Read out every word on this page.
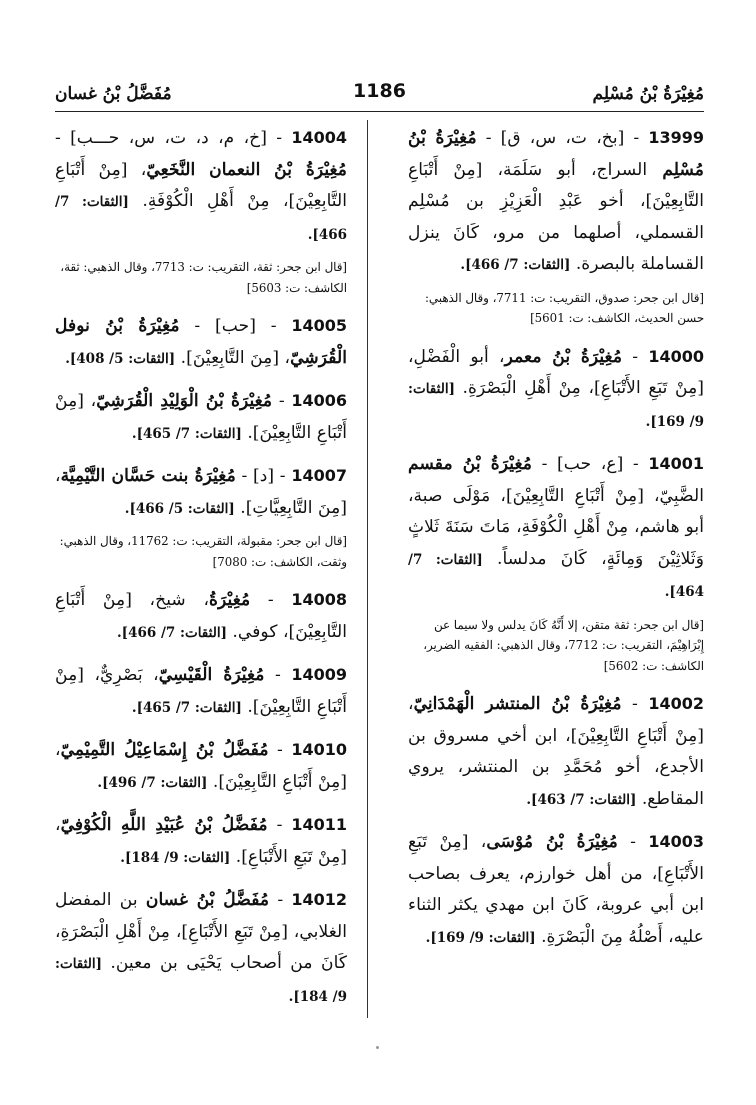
مُغِيْرَةُ بْنُ مُسْلِم
1186
مُفَضَّلُ بْنُ غسان
13999 - [بخ، ت، س، ق] - مُغِيْرَةُ بْنُ مُسْلِم السراج، أبو سَلَمَة، [مِنْ أَتْبَاعِ التَّابِعِيْنَ]، أخو عَبْدِ الْعَزِيْزِ بن مُسْلِم القسملي، أصلهما من مرو، كَانَ ينزل القساملة بالبصرة. [الثقات: 7/ 466].
[قال ابن جحر: صدوق، التقريب: ت: 7711، وقال الذهبي: حسن الحديث، الكاشف: ت: 5601]
14000 - مُغِيْرَةُ بْنُ معمر، أبو الْفَضْلِ، [مِنْ تَبَعِ الأَتْبَاعِ]، مِنْ أَهْلِ الْبَصْرَةِ. [الثقات: 9/ 169].
14001 - [ع، حب] - مُغِيْرَةُ بْنُ مقسم الضَّبِيّ، [مِنْ أَتْبَاعِ التَّابِعِيْنَ]، مَوْلَى صبة، أبو هاشم، مِنْ أَهْلِ الْكُوْفَةِ، مَاتَ سَنَةَ ثَلاثٍ وَثَلاثِيْنَ وَمِائَةٍ، كَانَ مدلساً. [الثقات: 7/ 464].
[قال ابن جحر: ثقة متقن، إلا أَنَّهُ كَانَ يدلس ولا سيما عن إِبْرَاهِيْمَ، التقريب: ت: 7712، وقال الذهبي: الفقيه الضرير، الكاشف: ت: 5602]
14002 - مُغِيْرَةُ بْنُ المنتشر الْهَمْدَانِيّ، [مِنْ أَتْبَاعِ التَّابِعِيْنَ]، ابن أخي مسروق بن الأجدع، أخو مُحَمَّدِ بن المنتشر، يروي المقاطع. [الثقات: 7/ 463].
14003 - مُغِيْرَةُ بْنُ مُوْسَى، [مِنْ تَبَعِ الأَتْبَاعِ]، من أهل خوارزم، يعرف بصاحب ابن أبي عروبة، كَانَ ابن مهدي يكثر الثناء عليه، أَصْلُهُ مِنَ الْبَصْرَةِ. [الثقات: 9/ 169].
14004 - [خ، م، د، ت، س، حـــب] - مُغِيْرَةُ بْنُ النعمان النَّخَعِيّ، [مِنْ أَتْبَاعِ التَّابِعِيْنَ]، مِنْ أَهْلِ الْكُوْفَةِ. [الثقات: 7/ 466].
[قال ابن جحر: ثقة، التقريب: ت: 7713، وقال الذهبي: ثقة، الكاشف: ت: 5603]
14005 - [حب] - مُغِيْرَةُ بْنُ نوفل الْقُرَشِيّ، [مِنَ التَّابِعِيْنَ]. [الثقات: 5/ 408].
14006 - مُغِيْرَةُ بْنُ الْوَلِيْدِ الْقُرَشِيّ، [مِنْ أَتْبَاعِ التَّابِعِيْنَ]. [الثقات: 7/ 465].
14007 - [د] - مُغِيْرَةُ بنت حَسَّان التَّيْمِيَّة، [مِنَ التَّابِعِيَّاتِ]. [الثقات: 5/ 466].
[قال ابن جحر: مقبولة، التقريب: ت: 11762، وقال الذهبي: وثقت، الكاشف: ت: 7080]
14008 - مُغِيْرَةُ، شيخ، [مِنْ أَتْبَاعِ التَّابِعِيْنَ]، كوفي. [الثقات: 7/ 466].
14009 - مُغِيْرَةُ الْقَيْسِيّ، بَصْرِيٌّ، [مِنْ أَتْبَاعِ التَّابِعِيْنَ]. [الثقات: 7/ 465].
14010 - مُفَضَّلُ بْنُ إِسْمَاعِيْلُ التَّمِيْمِيّ، [مِنْ أَتْبَاعِ التَّابِعِيْنَ]. [الثقات: 7/ 496].
14011 - مُفَضَّلُ بْنُ عُبَيْدِ اللَّهِ الْكُوْفِيّ، [مِنْ تَبَعِ الأَتْبَاعِ]. [الثقات: 9/ 184].
14012 - مُفَضَّلُ بْنُ غسان بن المفضل الغلابي، [مِنْ تَبَعِ الأَتْبَاعِ]، مِنْ أَهْلِ الْبَصْرَةِ، كَانَ من أصحاب يَحْيَى بن معين. [الثقات: 9/ 184].
